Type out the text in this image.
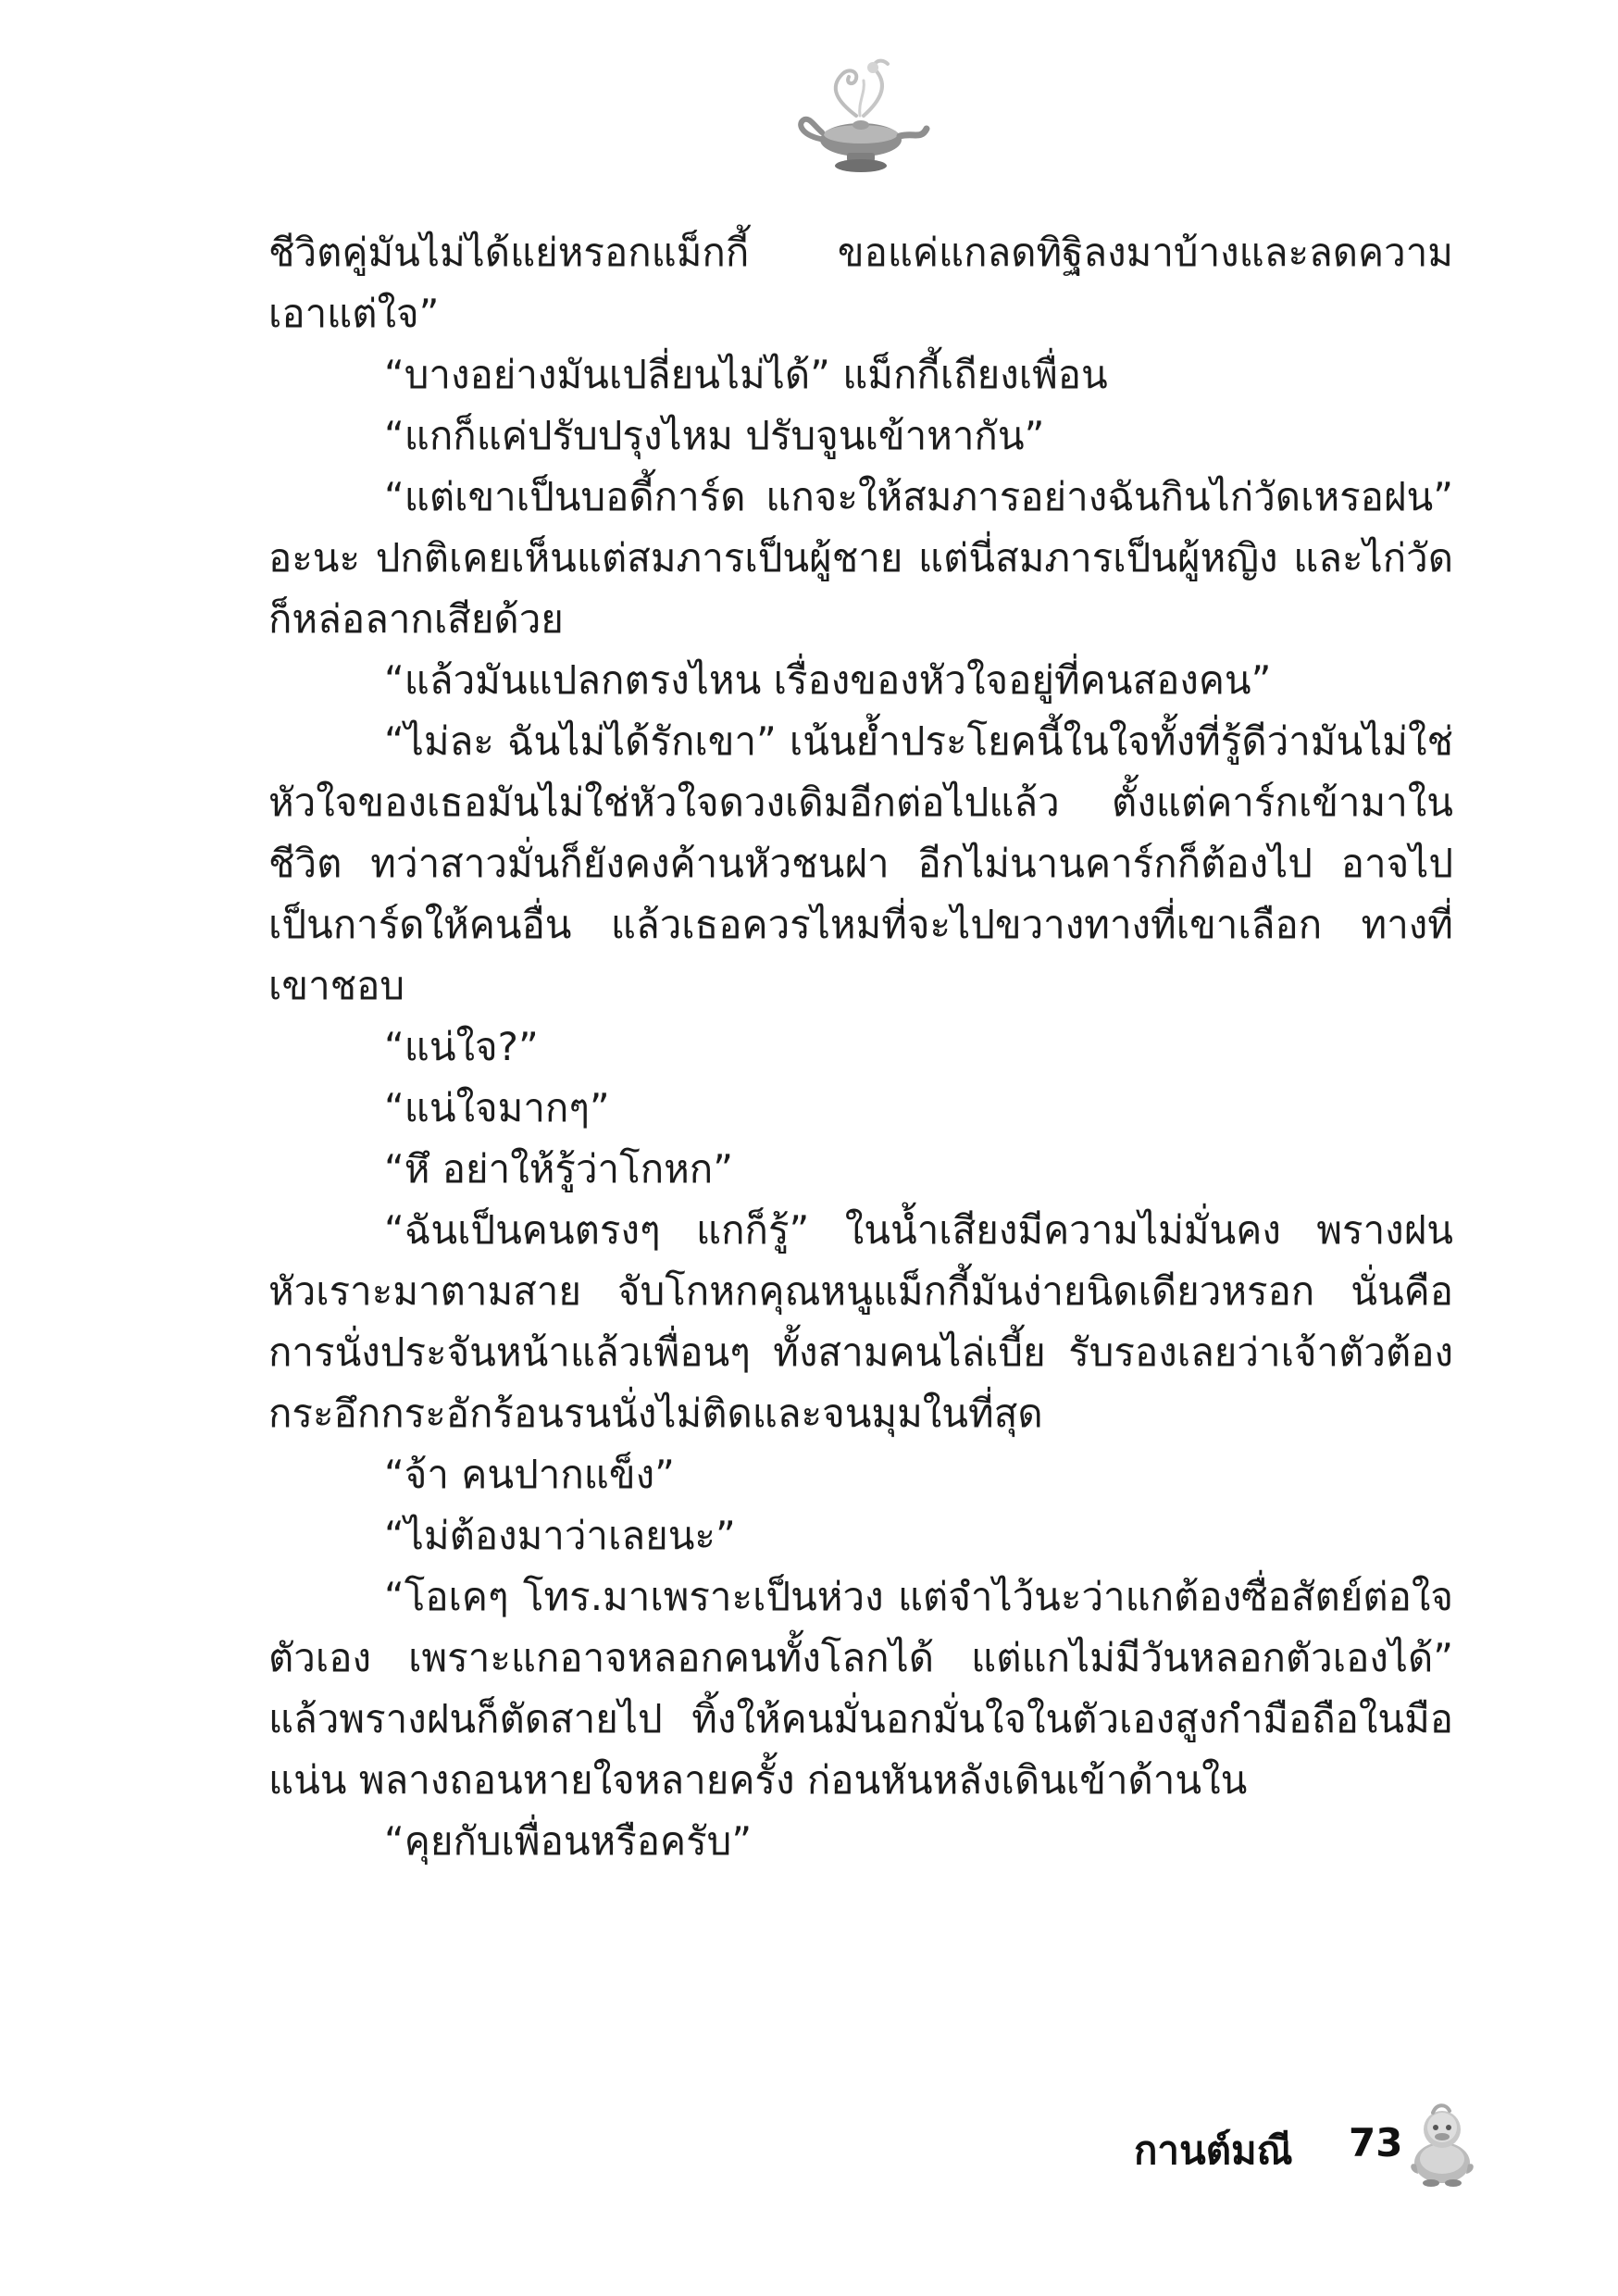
ชีวิตคู่มันไม่ได้แย่หรอกแม็กกี้ ขอแค่แกลดทิฐิลงมาบ้างและลดความเอาแต่ใจ”

“บางอย่างมันเปลี่ยนไม่ได้” แม็กกี้เถียงเพื่อน

“แกก็แค่ปรับปรุงไหม ปรับจูนเข้าหากัน”

“แต่เขาเป็นบอดี้การ์ด แกจะให้สมภารอย่างฉันกินไก่วัดเหรอฝน” อะนะ ปกติเคยเห็นแต่สมภารเป็นผู้ชาย แต่นี่สมภารเป็นผู้หญิง และไก่วัดก็หล่อลากเสียด้วย

“แล้วมันแปลกตรงไหน เรื่องของหัวใจอยู่ที่คนสองคน”

“ไม่ละ ฉันไม่ได้รักเขา” เน้นย้ำประโยคนี้ในใจทั้งที่รู้ดีว่ามันไม่ใช่ หัวใจของเธอมันไม่ใช่หัวใจดวงเดิมอีกต่อไปแล้ว ตั้งแต่คาร์กเข้ามาในชีวิต ทว่าสาวมั่นก็ยังคงค้านหัวชนฝา อีกไม่นานคาร์กก็ต้องไป อาจไปเป็นการ์ดให้คนอื่น แล้วเธอควรไหมที่จะไปขวางทางที่เขาเลือก ทางที่เขาชอบ

“แน่ใจ?”

“แน่ใจมากๆ”

“หึ อย่าให้รู้ว่าโกหก”

“ฉันเป็นคนตรงๆ แกก็รู้” ในน้ำเสียงมีความไม่มั่นคง พรางฝนหัวเราะมาตามสาย จับโกหกคุณหนูแม็กกี้มันง่ายนิดเดียวหรอก นั่นคือการนั่งประจันหน้าแล้วเพื่อนๆ ทั้งสามคนไล่เบี้ย รับรองเลยว่าเจ้าตัวต้องกระอึกกระอักร้อนรนนั่งไม่ติดและจนมุมในที่สุด

“จ้า คนปากแข็ง”

“ไม่ต้องมาว่าเลยนะ”

“โอเคๆ โทร.มาเพราะเป็นห่วง แต่จำไว้นะว่าแกต้องซื่อสัตย์ต่อใจตัวเอง เพราะแกอาจหลอกคนทั้งโลกได้ แต่แกไม่มีวันหลอกตัวเองได้” แล้วพรางฝนก็ตัดสายไป ทิ้งให้คนมั่นอกมั่นใจในตัวเองสูงกำมือถือในมือแน่น พลางถอนหายใจหลายครั้ง ก่อนหันหลังเดินเข้าด้านใน

“คุยกับเพื่อนหรือครับ”

กานต์มณี 73
